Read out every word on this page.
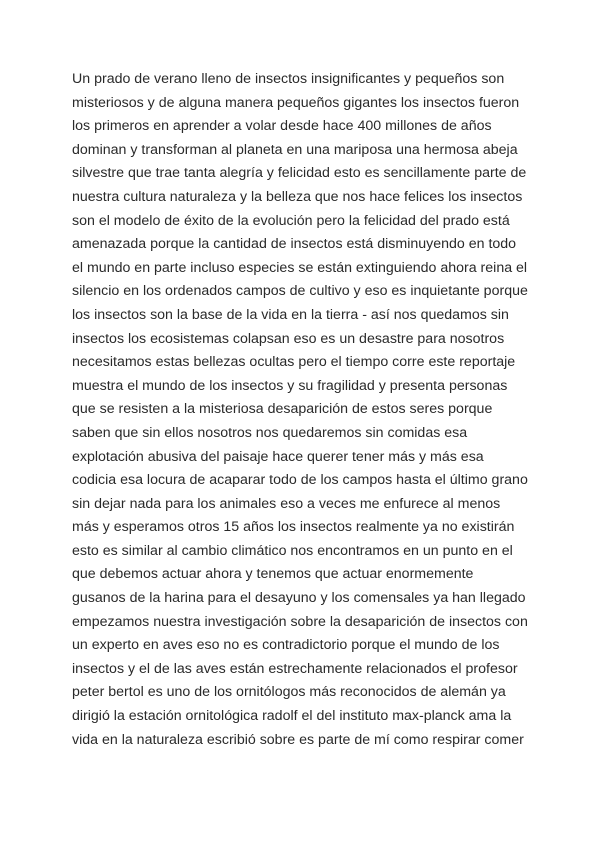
Un prado de verano lleno de insectos insignificantes y pequeños son
misteriosos y de alguna manera pequeños gigantes los insectos fueron
los primeros en aprender a volar desde hace 400 millones de años
dominan y transforman al planeta en una mariposa una hermosa abeja
silvestre que trae tanta alegría y felicidad esto es sencillamente parte de
nuestra cultura naturaleza y la belleza que nos hace felices los insectos
son el modelo de éxito de la evolución pero la felicidad del prado está
amenazada porque la cantidad de insectos está disminuyendo en todo
el mundo en parte incluso especies se están extinguiendo ahora reina el
silencio en los ordenados campos de cultivo y eso es inquietante porque
los insectos son la base de la vida en la tierra - así nos quedamos sin
insectos los ecosistemas colapsan eso es un desastre para nosotros
necesitamos estas bellezas ocultas pero el tiempo corre este reportaje
muestra el mundo de los insectos y su fragilidad y presenta personas
que se resisten a la misteriosa desaparición de estos seres porque
saben que sin ellos nosotros nos quedaremos sin comidas esa
explotación abusiva del paisaje hace querer tener más y más esa
codicia esa locura de acaparar todo de los campos hasta el último grano
sin dejar nada para los animales eso a veces me enfurece al menos
más y esperamos otros 15 años los insectos realmente ya no existirán
esto es similar al cambio climático nos encontramos en un punto en el
que debemos actuar ahora y tenemos que actuar enormemente
gusanos de la harina para el desayuno y los comensales ya han llegado
empezamos nuestra investigación sobre la desaparición de insectos con
un experto en aves eso no es contradictorio porque el mundo de los
insectos y el de las aves están estrechamente relacionados el profesor
peter bertol es uno de los ornitólogos más reconocidos de alemán ya
dirigió la estación ornitológica radolf el del instituto max-planck ama la
vida en la naturaleza escribió sobre es parte de mí como respirar comer
